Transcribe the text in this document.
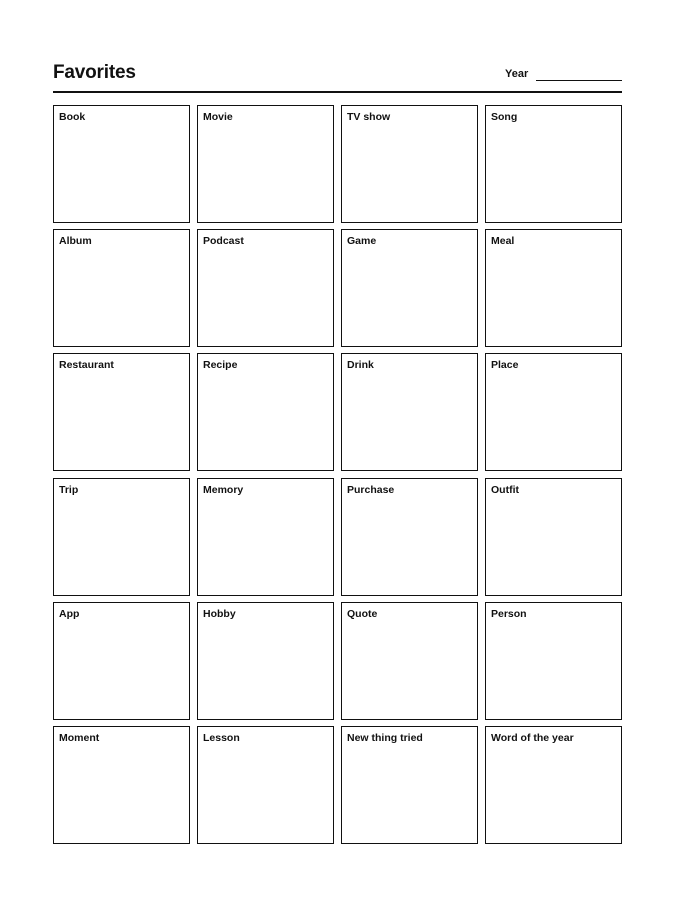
Favorites	Year
Book	Movie	TV show	Song
Album	Podcast	Game	Meal
Restaurant	Recipe	Drink	Place
Trip	Memory	Purchase	Outfit
App	Hobby	Quote	Person
Moment	Lesson	New thing tried	Word of the year
